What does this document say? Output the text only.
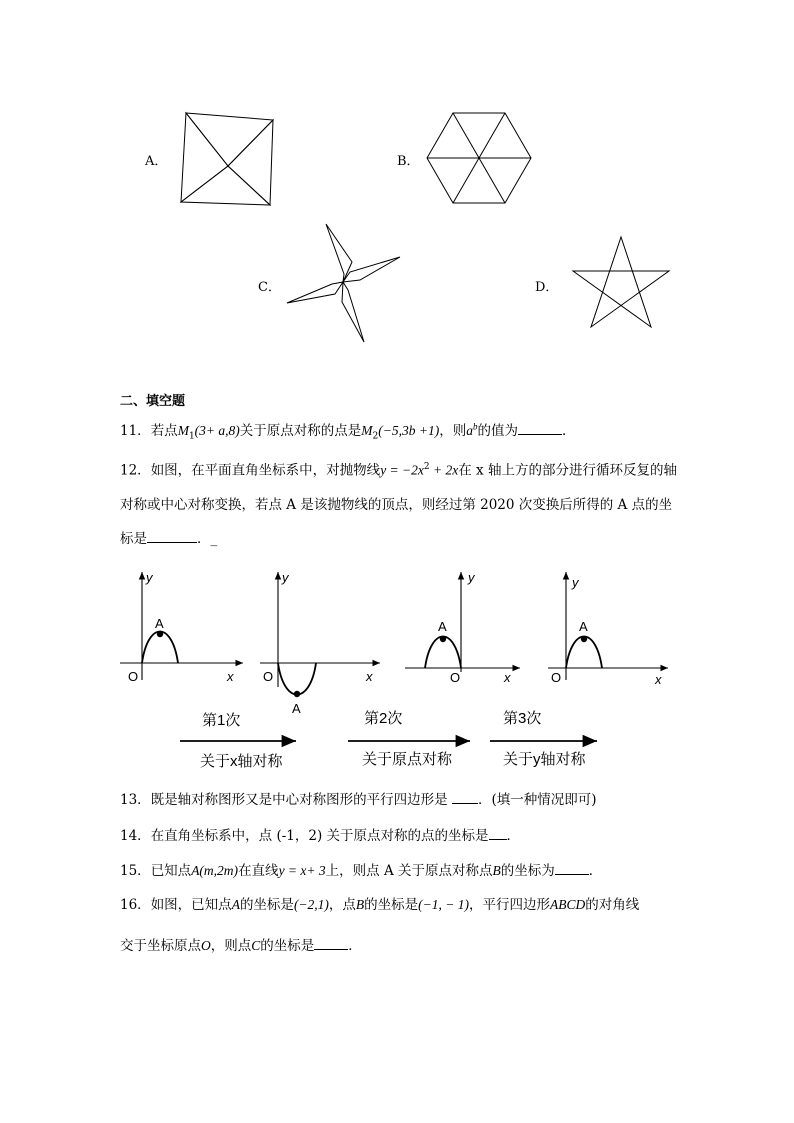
A．	B．
C．	D．
二、填空题
11．若点$M_1(3+ a,8)$关于原点对称的点是$M_2(-5,3b +1)$，则$a^b$的值为	．
12．如图，在平面直角坐标系中，对抛物线$y = -2x^2 + 2x$在 x 轴上方的部分进行循环反复的轴
对称或中心对称变换，若点 A 是该抛物线的顶点，则经过第 2020 次变换后所得的 A 点的坐
标是	．_
y
x
O
A
y
x
O
A
y
x
O
A
y
x
O
A
第1次	第2次	第3次
关于x轴对称	关于原点对称	关于y轴对称
13．既是轴对称图形又是中心对称图形的平行四边形是 ．(填一种情况即可)
14．在直角坐标系中，点 (-1，2) 关于原点对称的点的坐标是 ．
15．已知点A(m,2m)在直线y = x+ 3上，则点 A 关于原点对称点B的坐标为	．
16．如图，已知点A的坐标是(−2,1)，点B的坐标是(−1, − 1)，平行四边形ABCD的对角线
交于坐标原点O，则点C的坐标是	．
